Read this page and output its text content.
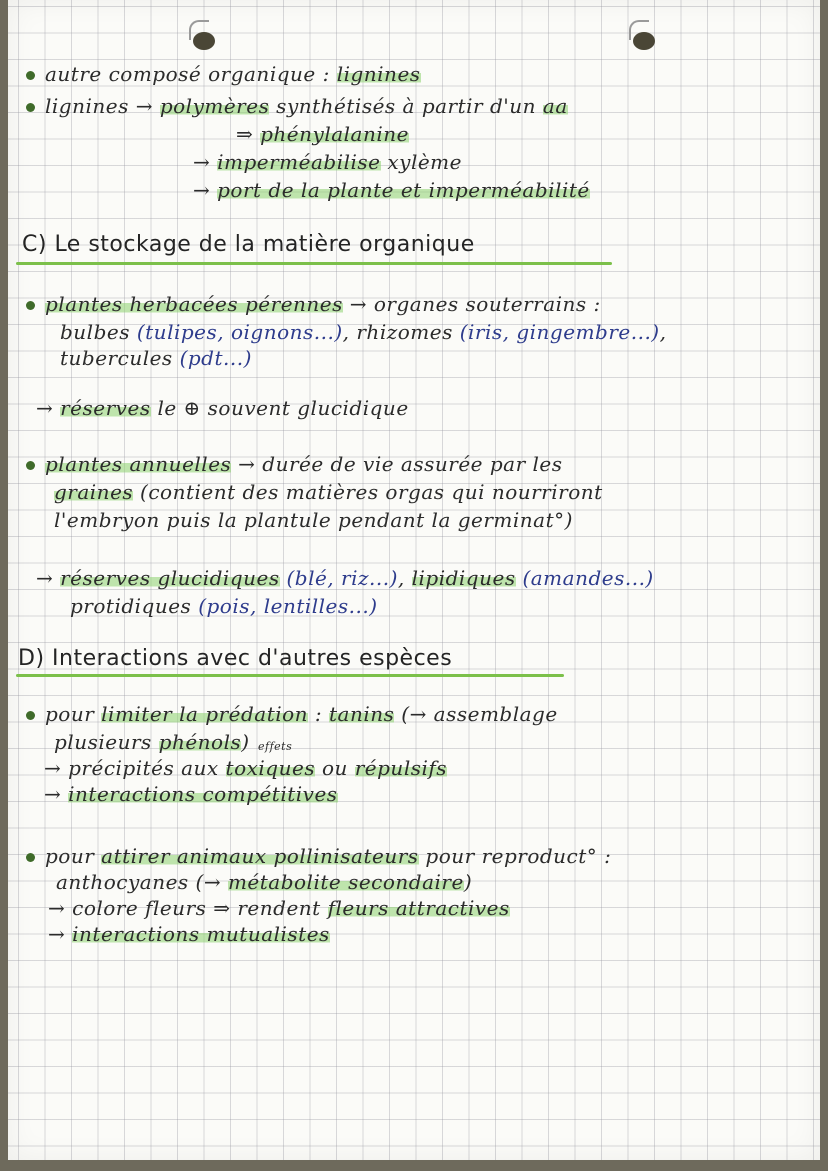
autre composé organique : lignines
lignines → polymères synthétisés à partir d'un aa
⇒ phénylalanine
→ imperméabilise xylème
→ port de la plante et imperméabilité
C) Le stockage de la matière organique
plantes herbacées pérennes → organes souterrains :
bulbes (tulipes, oignons...), rhizomes (iris, gingembre...),
tubercules (pdt...)
→ réserves le ⊕ souvent glucidique
plantes annuelles → durée de vie assurée par les
graines (contient des matières orgas qui nourriront
l'embryon puis la plantule pendant la germinat°)
→ réserves glucidiques (blé, riz...), lipidiques (amandes...)
protidiques (pois, lentilles...)
D) Interactions avec d'autres espèces
pour limiter la prédation : tanins (→ assemblage
plusieurs phénols) effets
→ précipités aux toxiques ou répulsifs
→ interactions compétitives
pour attirer animaux pollinisateurs pour reproduct° :
anthocyanes (→ métabolite secondaire)
→ colore fleurs ⇒ rendent fleurs attractives
→ interactions mutualistes
